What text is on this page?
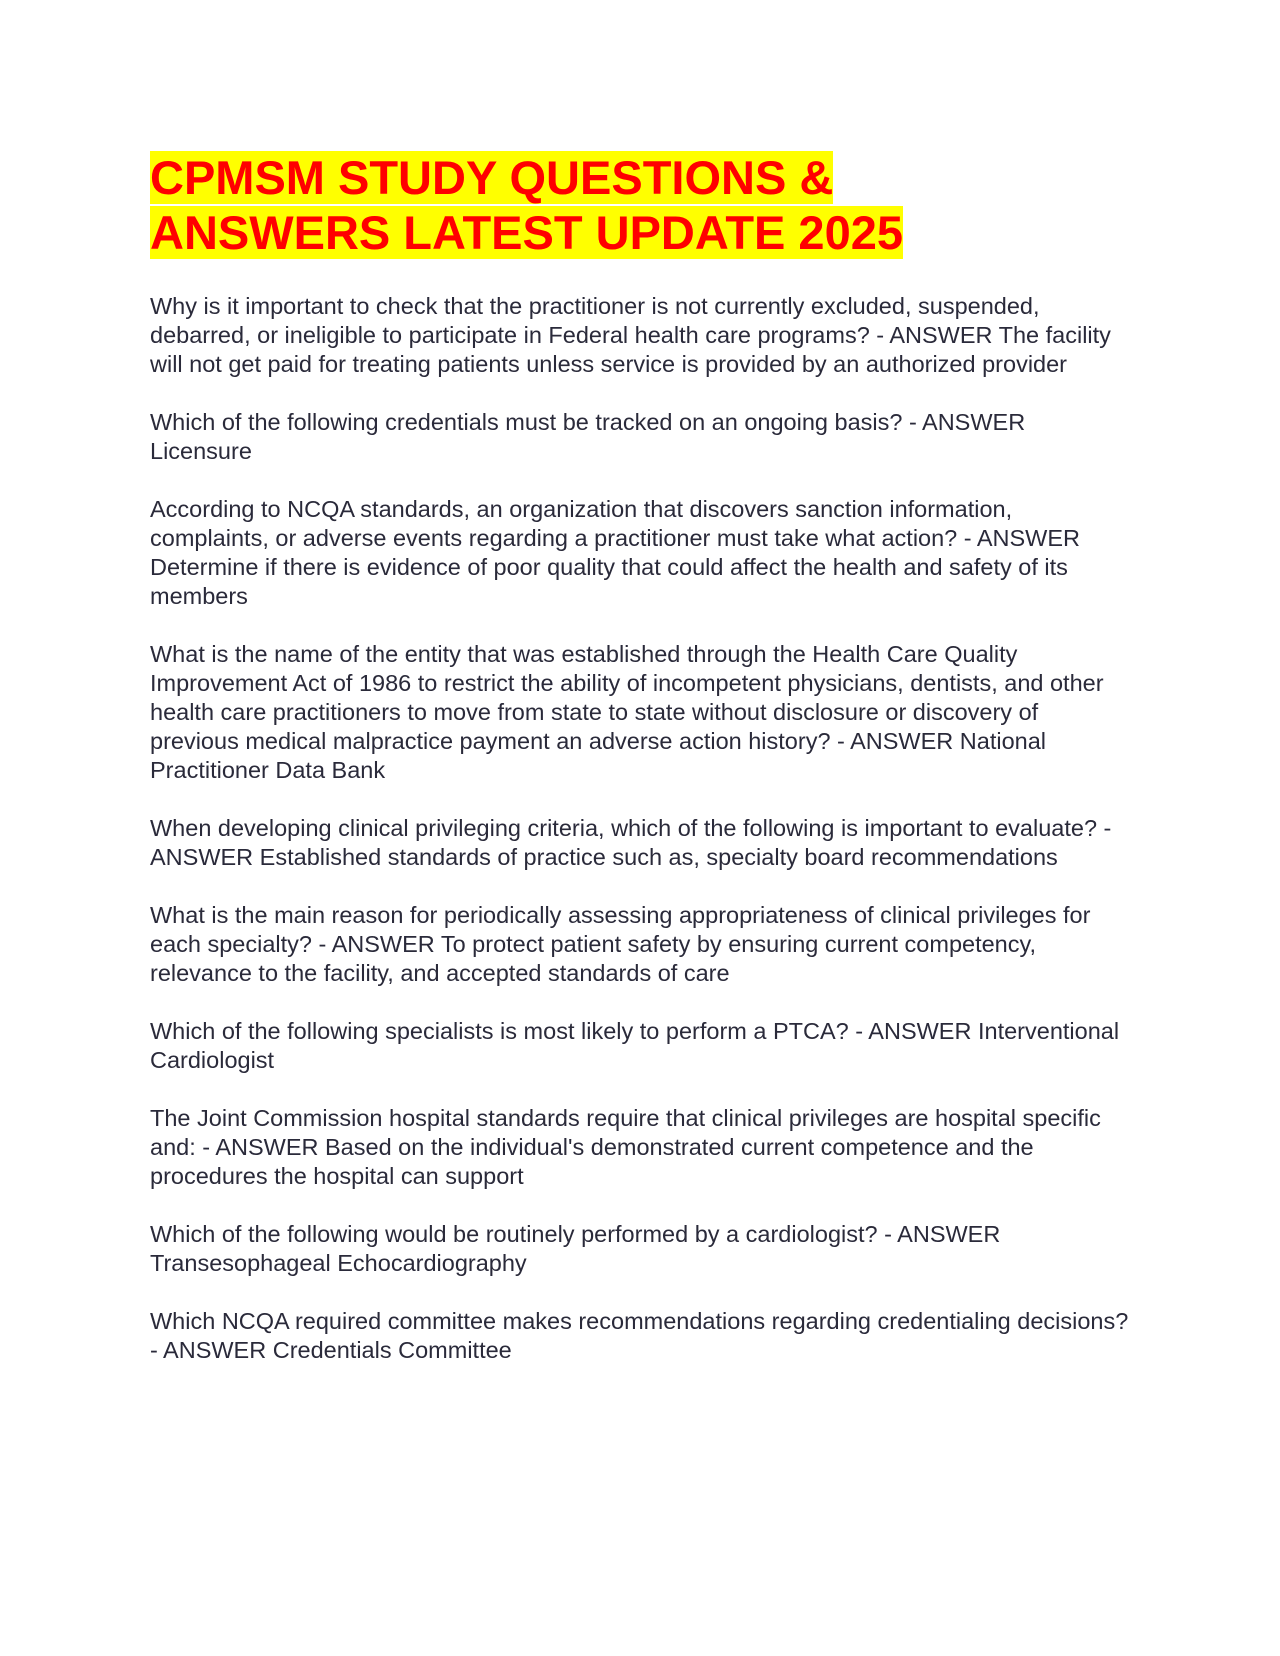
CPMSM STUDY QUESTIONS &
ANSWERS LATEST UPDATE 2025

Why is it important to check that the practitioner is not currently excluded, suspended, debarred, or ineligible to participate in Federal health care programs? - ANSWER The facility will not get paid for treating patients unless service is provided by an authorized provider

Which of the following credentials must be tracked on an ongoing basis? - ANSWER Licensure

According to NCQA standards, an organization that discovers sanction information, complaints, or adverse events regarding a practitioner must take what action? - ANSWER Determine if there is evidence of poor quality that could affect the health and safety of its members

What is the name of the entity that was established through the Health Care Quality Improvement Act of 1986 to restrict the ability of incompetent physicians, dentists, and other health care practitioners to move from state to state without disclosure or discovery of previous medical malpractice payment an adverse action history? - ANSWER National Practitioner Data Bank

When developing clinical privileging criteria, which of the following is important to evaluate? - ANSWER Established standards of practice such as, specialty board recommendations

What is the main reason for periodically assessing appropriateness of clinical privileges for each specialty? - ANSWER To protect patient safety by ensuring current competency, relevance to the facility, and accepted standards of care

Which of the following specialists is most likely to perform a PTCA? - ANSWER Interventional Cardiologist

The Joint Commission hospital standards require that clinical privileges are hospital specific and: - ANSWER Based on the individual's demonstrated current competence and the procedures the hospital can support

Which of the following would be routinely performed by a cardiologist? - ANSWER Transesophageal Echocardiography

Which NCQA required committee makes recommendations regarding credentialing decisions? - ANSWER Credentials Committee
